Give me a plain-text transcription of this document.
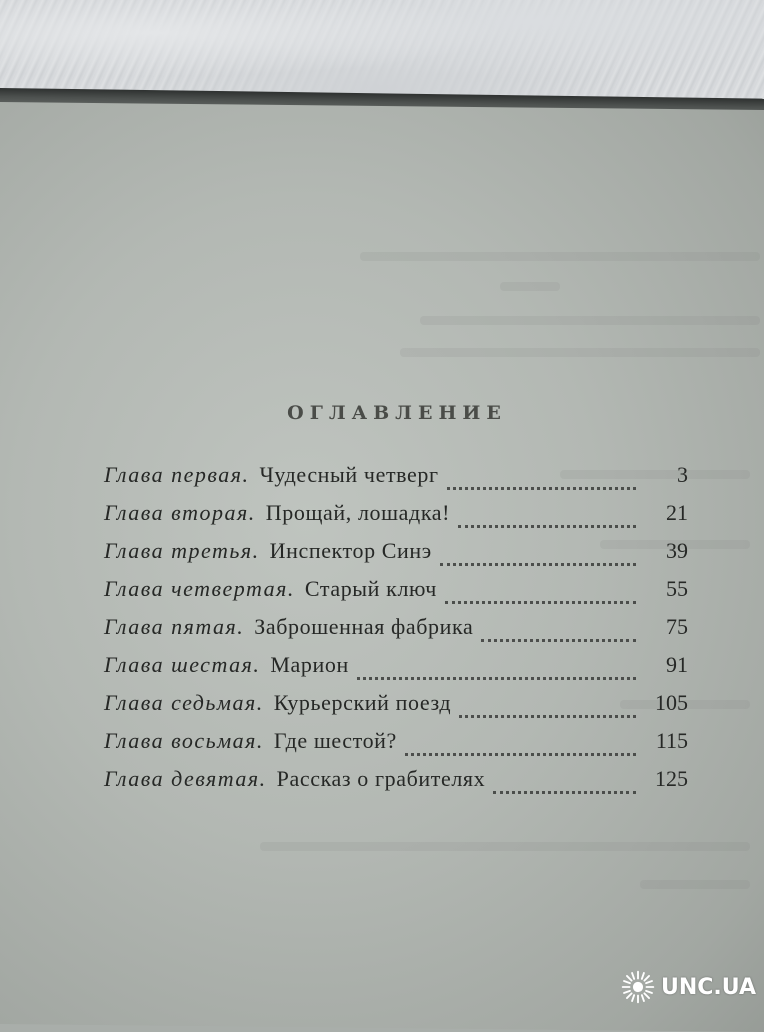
ОГЛАВЛЕНИЕ
Глава первая. Чудесный четверг	3
Глава вторая. Прощай, лошадка!	21
Глава третья. Инспектор Синэ	39
Глава четвертая. Старый ключ	55
Глава пятая. Заброшенная фабрика	75
Глава шестая. Марион	91
Глава седьмая. Курьерский поезд	105
Глава восьмая. Где шестой?	115
Глава девятая. Рассказ о грабителях	125
UNC.UA
